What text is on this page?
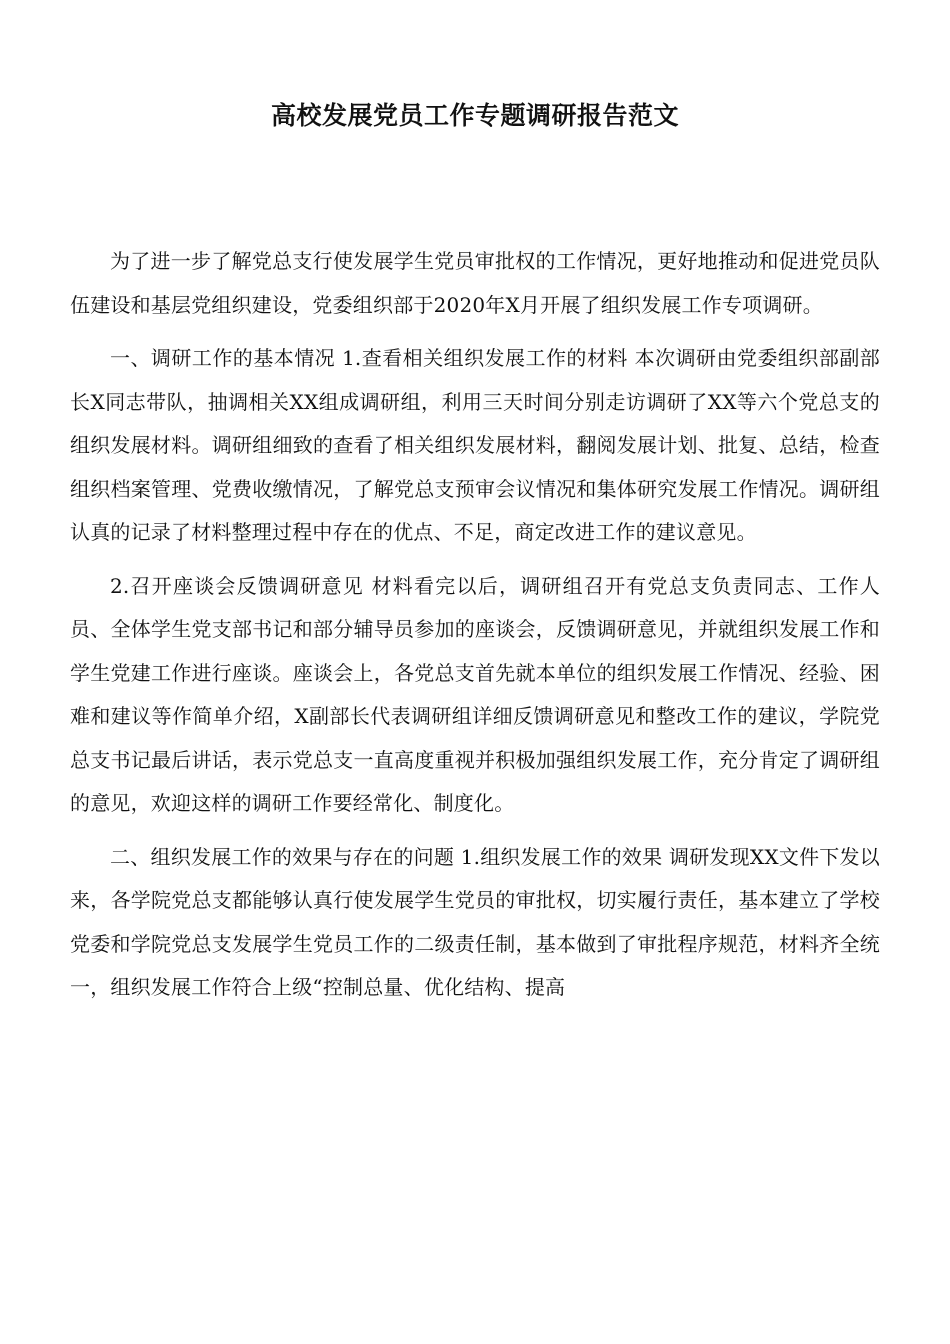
高校发展党员工作专题调研报告范文

为了进一步了解党总支行使发展学生党员审批权的工作情况，更好地推动和促进党员队伍建设和基层党组织建设，党委组织部于2020年X月开展了组织发展工作专项调研。

一、调研工作的基本情况 1.查看相关组织发展工作的材料 本次调研由党委组织部副部长X同志带队，抽调相关XX组成调研组，利用三天时间分别走访调研了XX等六个党总支的组织发展材料。调研组细致的查看了相关组织发展材料，翻阅发展计划、批复、总结，检查组织档案管理、党费收缴情况，了解党总支预审会议情况和集体研究发展工作情况。调研组认真的记录了材料整理过程中存在的优点、不足，商定改进工作的建议意见。

2.召开座谈会反馈调研意见 材料看完以后，调研组召开有党总支负责同志、工作人员、全体学生党支部书记和部分辅导员参加的座谈会，反馈调研意见，并就组织发展工作和学生党建工作进行座谈。座谈会上，各党总支首先就本单位的组织发展工作情况、经验、困难和建议等作简单介绍，X副部长代表调研组详细反馈调研意见和整改工作的建议，学院党总支书记最后讲话，表示党总支一直高度重视并积极加强组织发展工作，充分肯定了调研组的意见，欢迎这样的调研工作要经常化、制度化。

二、组织发展工作的效果与存在的问题 1.组织发展工作的效果 调研发现XX文件下发以来，各学院党总支都能够认真行使发展学生党员的审批权，切实履行责任，基本建立了学校党委和学院党总支发展学生党员工作的二级责任制，基本做到了审批程序规范，材料齐全统一，组织发展工作符合上级“控制总量、优化结构、提高
